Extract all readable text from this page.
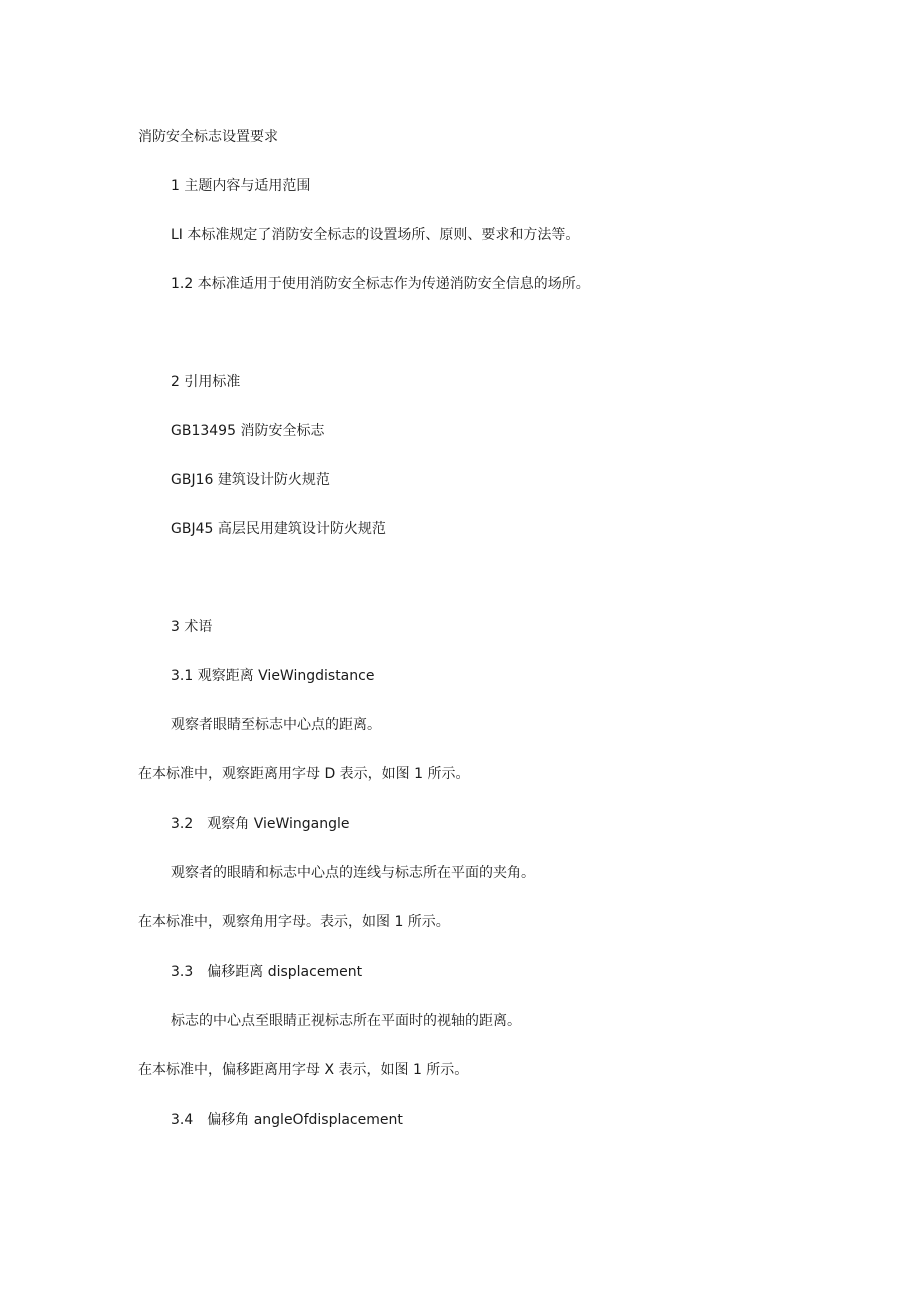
消防安全标志设置要求
1 主题内容与适用范围
LI 本标准规定了消防安全标志的设置场所、原则、要求和方法等。
1.2 本标准适用于使用消防安全标志作为传递消防安全信息的场所。
2 引用标准
GB13495 消防安全标志
GBJ16 建筑设计防火规范
GBJ45 高层民用建筑设计防火规范
3 术语
3.1 观察距离 VieWingdistance
观察者眼睛至标志中心点的距离。
在本标准中，观察距离用字母 D 表示，如图 1 所示。
3.2　观察角 VieWingangle
观察者的眼睛和标志中心点的连线与标志所在平面的夹角。
在本标准中，观察角用字母。表示，如图 1 所示。
3.3　偏移距离 displacement
标志的中心点至眼睛正视标志所在平面时的视轴的距离。
在本标准中，偏移距离用字母 X 表示，如图 1 所示。
3.4　偏移角 angleOfdisplacement
